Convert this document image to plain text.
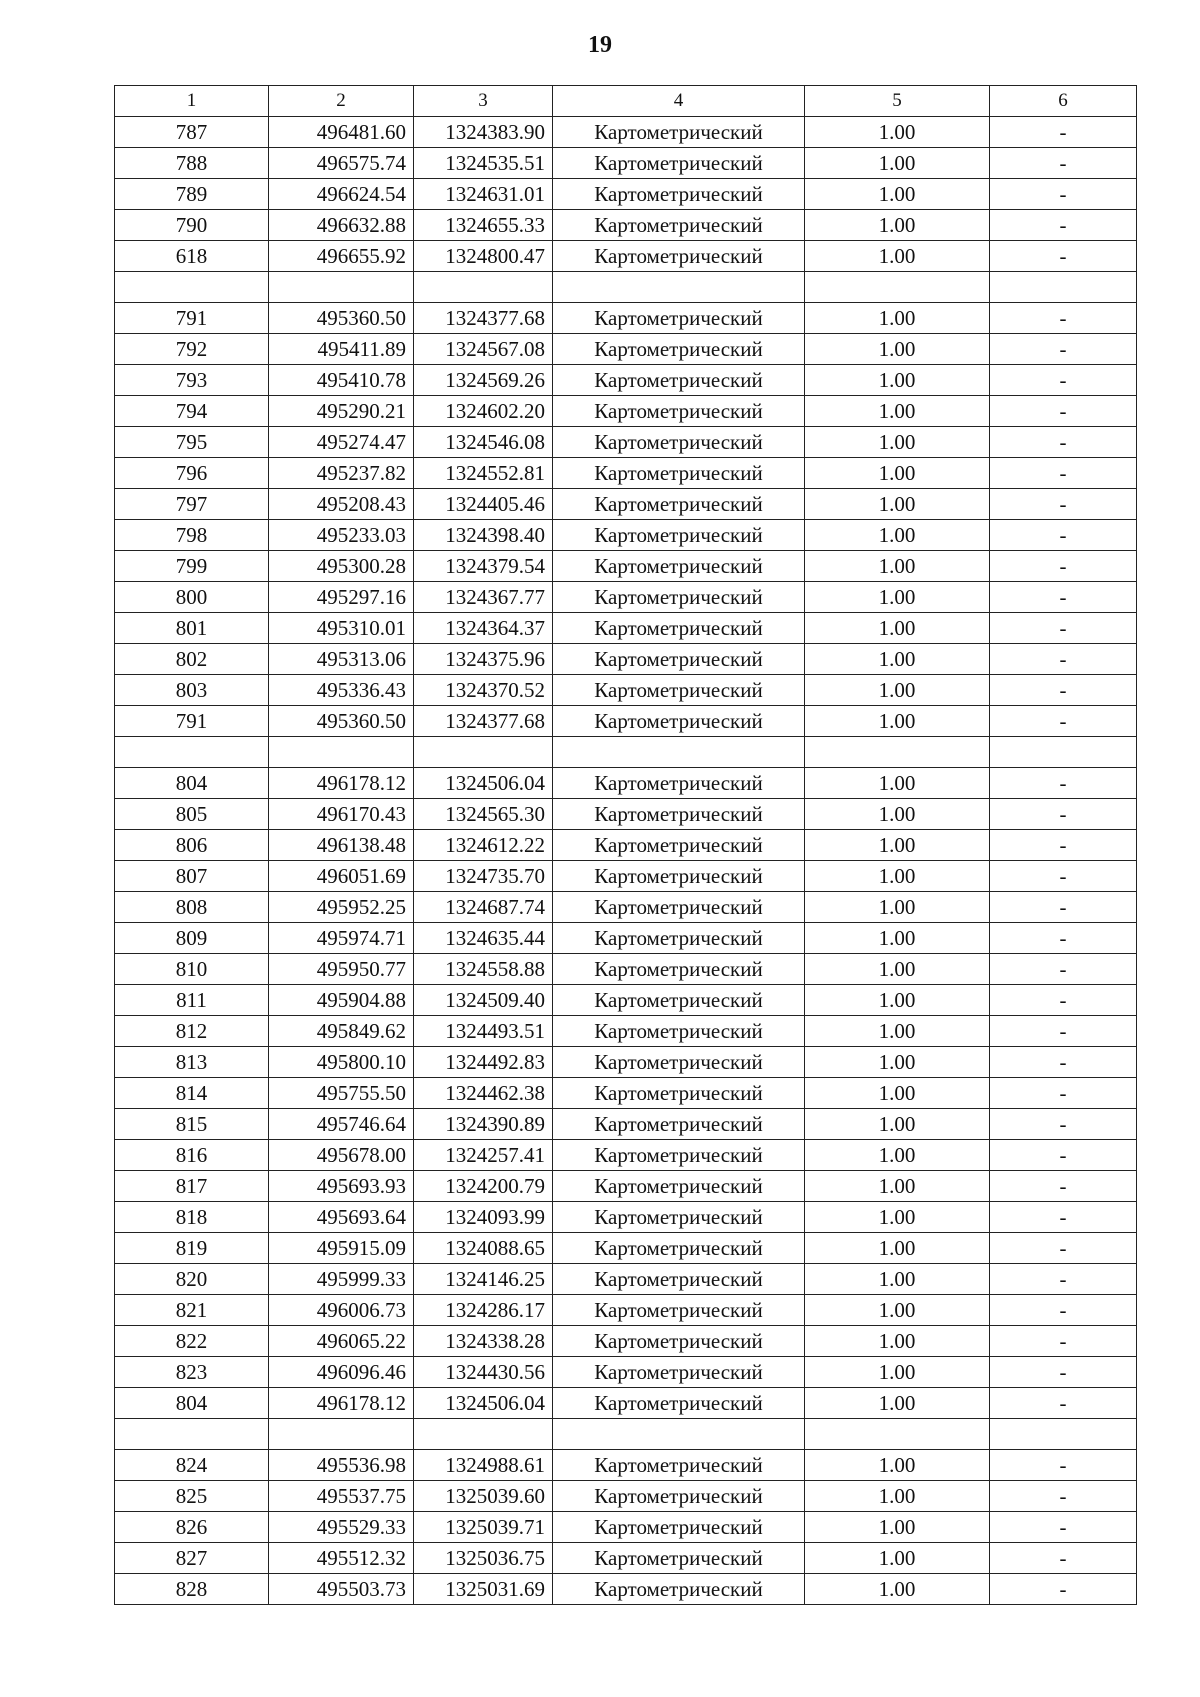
19
1	2	3	4	5	6
787	496481.60	1324383.90	Картометрический	1.00	-
788	496575.74	1324535.51	Картометрический	1.00	-
789	496624.54	1324631.01	Картометрический	1.00	-
790	496632.88	1324655.33	Картометрический	1.00	-
618	496655.92	1324800.47	Картометрический	1.00	-

791	495360.50	1324377.68	Картометрический	1.00	-
792	495411.89	1324567.08	Картометрический	1.00	-
793	495410.78	1324569.26	Картометрический	1.00	-
794	495290.21	1324602.20	Картометрический	1.00	-
795	495274.47	1324546.08	Картометрический	1.00	-
796	495237.82	1324552.81	Картометрический	1.00	-
797	495208.43	1324405.46	Картометрический	1.00	-
798	495233.03	1324398.40	Картометрический	1.00	-
799	495300.28	1324379.54	Картометрический	1.00	-
800	495297.16	1324367.77	Картометрический	1.00	-
801	495310.01	1324364.37	Картометрический	1.00	-
802	495313.06	1324375.96	Картометрический	1.00	-
803	495336.43	1324370.52	Картометрический	1.00	-
791	495360.50	1324377.68	Картометрический	1.00	-

804	496178.12	1324506.04	Картометрический	1.00	-
805	496170.43	1324565.30	Картометрический	1.00	-
806	496138.48	1324612.22	Картометрический	1.00	-
807	496051.69	1324735.70	Картометрический	1.00	-
808	495952.25	1324687.74	Картометрический	1.00	-
809	495974.71	1324635.44	Картометрический	1.00	-
810	495950.77	1324558.88	Картометрический	1.00	-
811	495904.88	1324509.40	Картометрический	1.00	-
812	495849.62	1324493.51	Картометрический	1.00	-
813	495800.10	1324492.83	Картометрический	1.00	-
814	495755.50	1324462.38	Картометрический	1.00	-
815	495746.64	1324390.89	Картометрический	1.00	-
816	495678.00	1324257.41	Картометрический	1.00	-
817	495693.93	1324200.79	Картометрический	1.00	-
818	495693.64	1324093.99	Картометрический	1.00	-
819	495915.09	1324088.65	Картометрический	1.00	-
820	495999.33	1324146.25	Картометрический	1.00	-
821	496006.73	1324286.17	Картометрический	1.00	-
822	496065.22	1324338.28	Картометрический	1.00	-
823	496096.46	1324430.56	Картометрический	1.00	-
804	496178.12	1324506.04	Картометрический	1.00	-

824	495536.98	1324988.61	Картометрический	1.00	-
825	495537.75	1325039.60	Картометрический	1.00	-
826	495529.33	1325039.71	Картометрический	1.00	-
827	495512.32	1325036.75	Картометрический	1.00	-
828	495503.73	1325031.69	Картометрический	1.00	-
